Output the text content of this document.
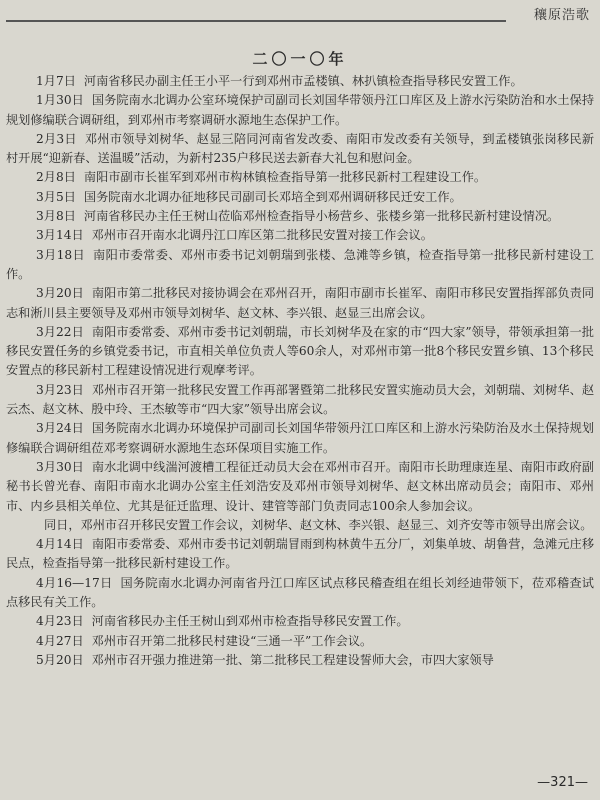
穰原浩歌
二〇一〇年

1月7日 河南省移民办副主任王小平一行到邓州市孟楼镇、林扒镇检查指导移民安置工作。

1月30日 国务院南水北调办公室环境保护司副司长刘国华带领丹江口库区及上游水污染防治和水土保持规划修编联合调研组，到邓州市考察调研水源地生态保护工作。

2月3日 邓州市领导刘树华、赵显三陪同河南省发改委、南阳市发改委有关领导，到孟楼镇张岗移民新村开展“迎新春、送温暖”活动，为新村235户移民送去新春大礼包和慰问金。

2月8日 南阳市副市长崔军到邓州市构林镇检查指导第一批移民新村工程建设工作。

3月5日 国务院南水北调办征地移民司副司长邓培全到邓州调研移民迁安工作。

3月8日 河南省移民办主任王树山莅临邓州检查指导小杨营乡、张楼乡第一批移民新村建设情况。

3月14日 邓州市召开南水北调丹江口库区第二批移民安置对接工作会议。

3月18日 南阳市委常委、邓州市委书记刘朝瑞到张楼、急滩等乡镇，检查指导第一批移民新村建设工作。

3月20日 南阳市第二批移民对接协调会在邓州召开，南阳市副市长崔军、南阳市移民安置指挥部负责同志和淅川县主要领导及邓州市领导刘树华、赵文林、李兴银、赵显三出席会议。

3月22日 南阳市委常委、邓州市委书记刘朝瑞，市长刘树华及在家的市“四大家”领导，带领承担第一批移民安置任务的乡镇党委书记，市直相关单位负责人等60余人，对邓州市第一批8个移民安置乡镇、13个移民安置点的移民新村工程建设情况进行观摩考评。

3月23日 邓州市召开第一批移民安置工作再部署暨第二批移民安置实施动员大会，刘朝瑞、刘树华、赵云杰、赵文林、殷中玲、王杰敏等市“四大家”领导出席会议。

3月24日 国务院南水北调办环境保护司副司长刘国华带领丹江口库区和上游水污染防治及水土保持规划修编联合调研组莅邓考察调研水源地生态环保项目实施工作。

3月30日 南水北调中线湍河渡槽工程征迁动员大会在邓州市召开。南阳市长助理康连星、南阳市政府副秘书长曾光春、南阳市南水北调办公室主任刘浩安及邓州市领导刘树华、赵文林出席动员会；南阳市、邓州市、内乡县相关单位、尤其是征迁监理、设计、建管等部门负责同志100余人参加会议。

同日，邓州市召开移民安置工作会议，刘树华、赵文林、李兴银、赵显三、刘齐安等市领导出席会议。

4月14日 南阳市委常委、邓州市委书记刘朝瑞冒雨到构林黄牛五分厂，刘集单坡、胡鲁营，急滩元庄移民点，检查指导第一批移民新村建设工作。

4月16—17日 国务院南水北调办河南省丹江口库区试点移民稽查组在组长刘经迪带领下，莅邓稽查试点移民有关工作。

4月23日 河南省移民办主任王树山到邓州市检查指导移民安置工作。

4月27日 邓州市召开第二批移民村建设“三通一平”工作会议。

5月20日 邓州市召开强力推进第一批、第二批移民工程建设誓师大会，市四大家领导

—321—
